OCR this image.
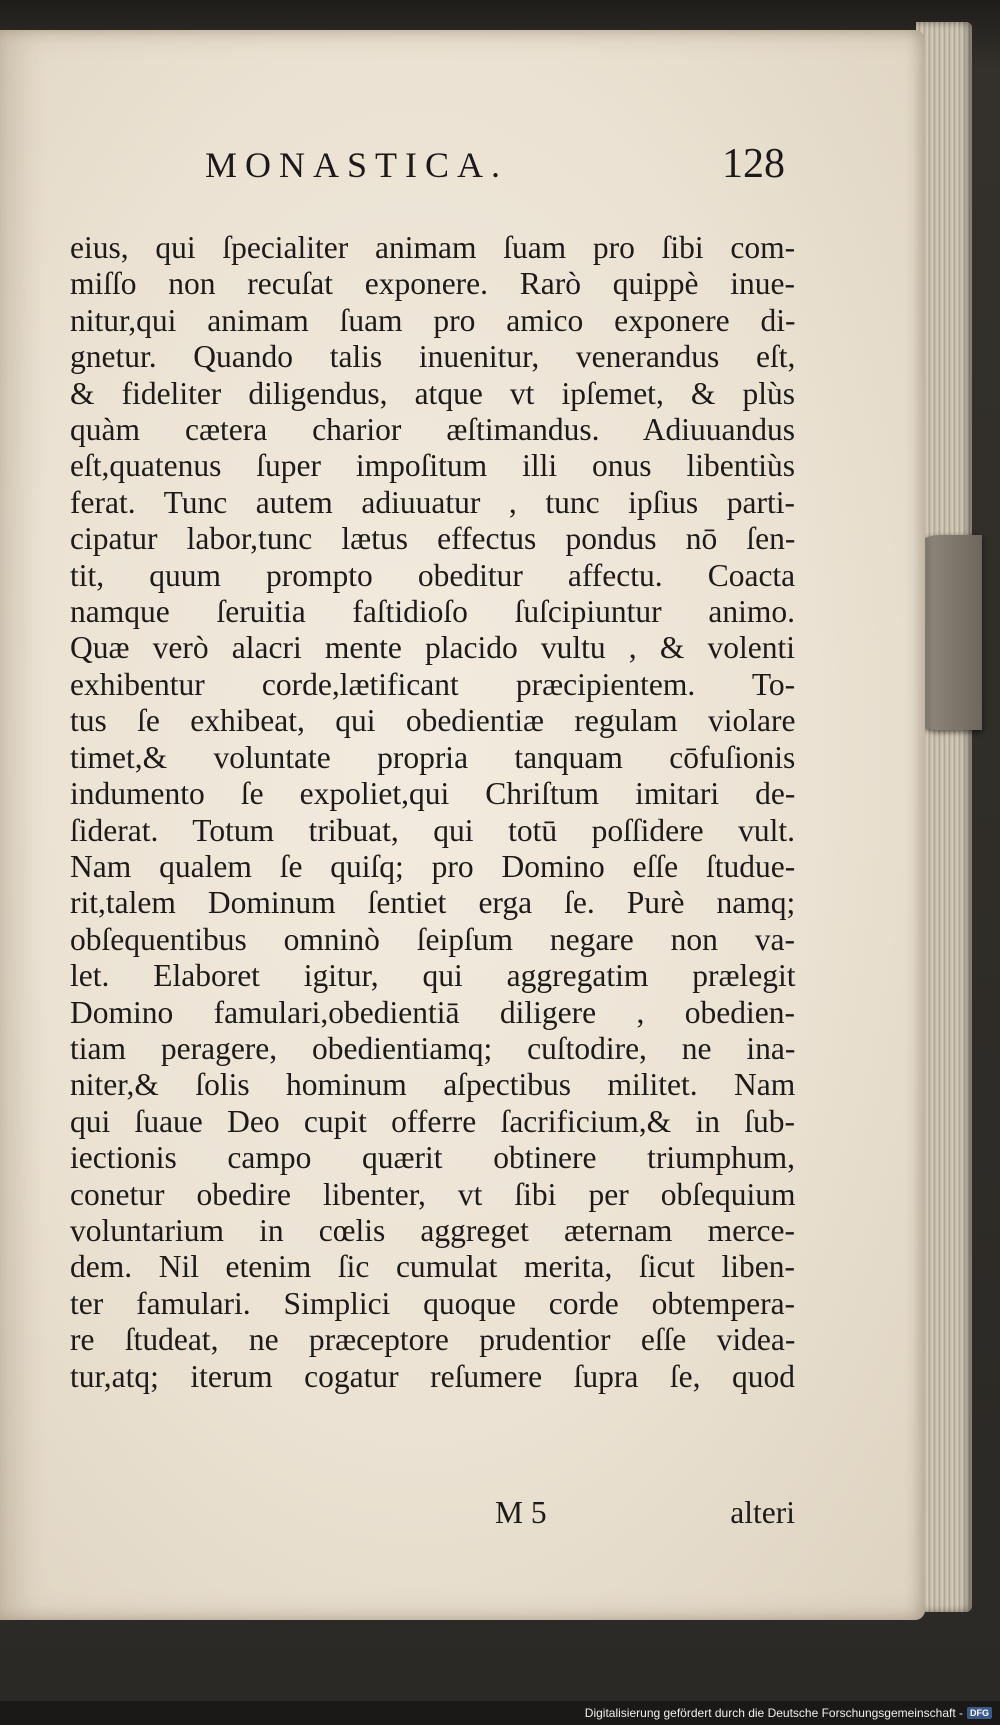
MONASTICA.	128
eius, qui ſpecialiter animam ſuam pro ſibi com-
miſſo non recuſat exponere. Rarò quippè inue-
nitur,qui animam ſuam pro amico exponere di-
gnetur. Quando talis inuenitur, venerandus eſt,
& fideliter diligendus, atque vt ipſemet, & plùs
quàm cætera charior æſtimandus. Adiuuandus
eſt,quatenus ſuper impoſitum illi onus libentiùs
ferat. Tunc autem adiuuatur , tunc ipſius parti-
cipatur labor,tunc lætus effectus pondus nō ſen-
tit, quum prompto obeditur affectu. Coacta
namque ſeruitia faſtidioſo ſuſcipiuntur animo.
Quæ verò alacri mente placido vultu , & volenti
exhibentur corde,lætificant præcipientem. To-
tus ſe exhibeat, qui obedientiæ regulam violare
timet,& voluntate propria tanquam cōfuſionis
indumento ſe expoliet,qui Chriſtum imitari de-
ſiderat. Totum tribuat, qui totū poſſidere vult.
Nam qualem ſe quiſq; pro Domino eſſe ſtudue-
rit,talem Dominum ſentiet erga ſe. Purè namq;
obſequentibus omninò ſeipſum negare non va-
let. Elaboret igitur, qui aggregatim prælegit
Domino famulari,obedientiā diligere , obedien-
tiam peragere, obedientiamq; cuſtodire, ne ina-
niter,& ſolis hominum aſpectibus militet. Nam
qui ſuaue Deo cupit offerre ſacrificium,& in ſub-
iectionis campo quærit obtinere triumphum,
conetur obedire libenter, vt ſibi per obſequium
voluntarium in cœlis aggreget æternam merce-
dem. Nil etenim ſic cumulat merita, ſicut liben-
ter famulari. Simplici quoque corde obtempera-
re ſtudeat, ne præceptore prudentior eſſe videa-
tur,atq; iterum cogatur reſumere ſupra ſe, quod
M 5	alteri
Digitalisierung gefördert durch die Deutsche Forschungsgemeinschaft - DFG
